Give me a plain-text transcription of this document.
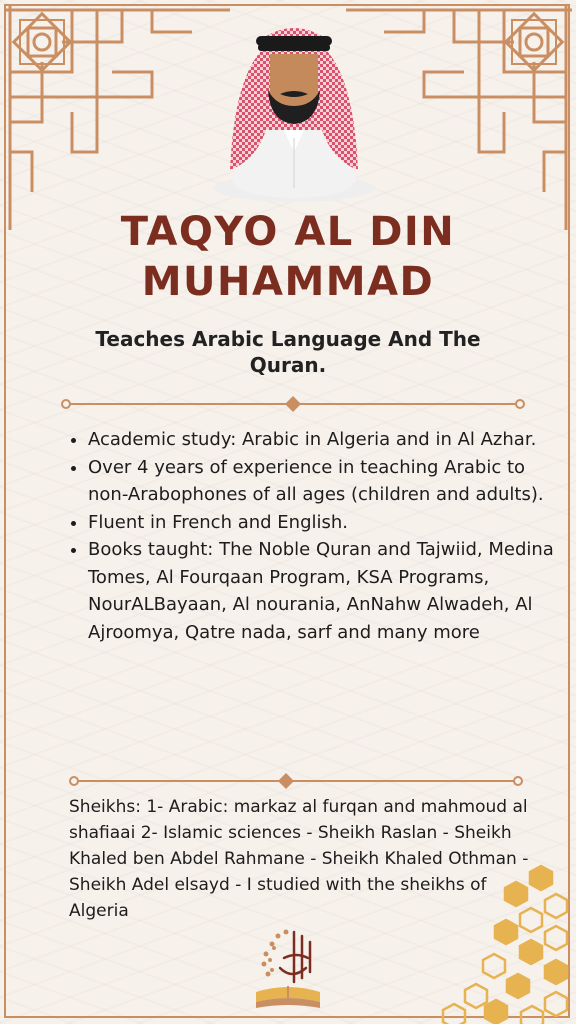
TAQYO AL DIN
MUHAMMAD
Teaches Arabic Language And The Quran.
• Academic study: Arabic in Algeria and in Al Azhar.
• Over 4 years of experience in teaching Arabic to non-Arabophones of all ages (children and adults).
• Fluent in French and English.
• Books taught: The Noble Quran and Tajwiid, Medina Tomes, Al Fourqaan Program, KSA Programs, NourALBayaan, Al nourania, AnNahw Alwadeh, Al Ajroomya, Qatre nada, sarf and many more
Sheikhs: 1- Arabic: markaz al furqan and mahmoud al shafiaai 2- Islamic sciences - Sheikh Raslan - Sheikh Khaled ben Abdel Rahmane - Sheikh Khaled Othman - Sheikh Adel elsayd - I studied with the sheikhs of Algeria
